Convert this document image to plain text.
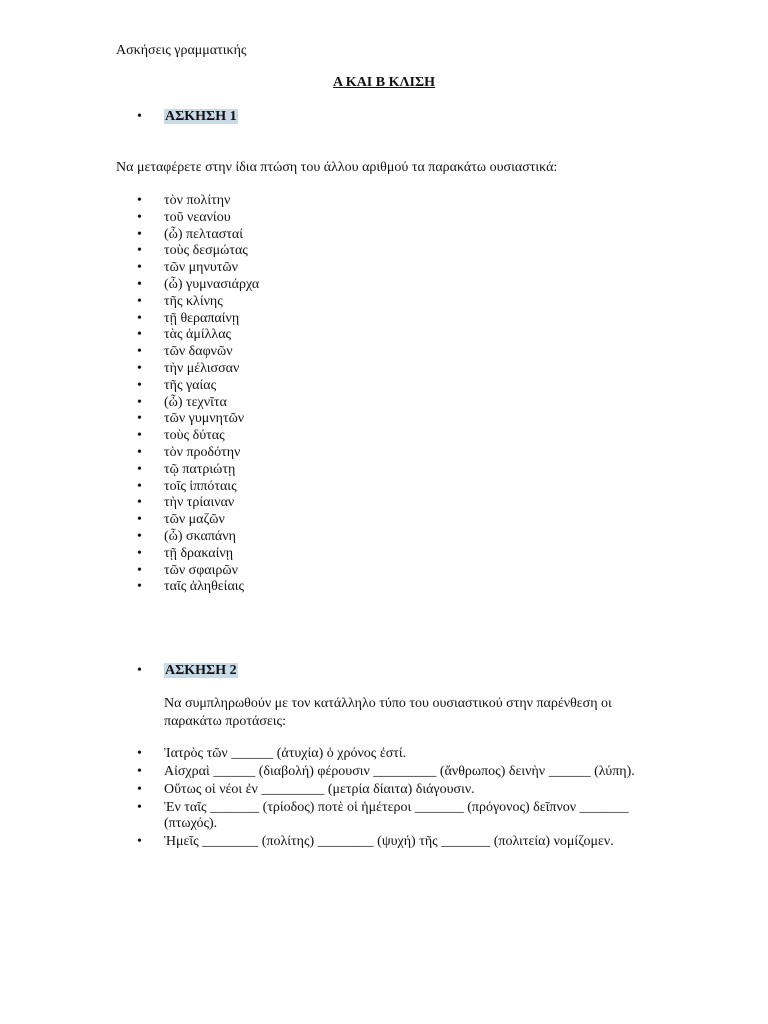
Ασκήσεις γραμματικής
Α ΚΑΙ Β ΚΛΙΣΗ
• ΑΣΚΗΣΗ 1
Να μεταφέρετε στην ίδια πτώση του άλλου αριθμού τα παρακάτω ουσιαστικά:
• τὸν πολίτην
• τοῦ νεανίου
• (ὦ) πελτασταί
• τοὺς δεσμώτας
• τῶν μηνυτῶν
• (ὦ) γυμνασιάρχα
• τῆς κλίνης
• τῇ θεραπαίνῃ
• τὰς ἁμίλλας
• τῶν δαφνῶν
• τὴν μέλισσαν
• τῆς γαίας
• (ὦ) τεχνῖτα
• τῶν γυμνητῶν
• τοὺς δύτας
• τὸν προδότην
• τῷ πατριώτῃ
• τοῖς ἱππόταις
• τὴν τρίαιναν
• τῶν μαζῶν
• (ὦ) σκαπάνη
• τῇ δρακαίνῃ
• τῶν σφαιρῶν
• ταῖς ἀληθείαις
• ΑΣΚΗΣΗ 2
Να συμπληρωθούν με τον κατάλληλο τύπο του ουσιαστικού στην παρένθεση οι παρακάτω προτάσεις:
•	Ἰατρὸς τῶν ______ (ἀτυχία) ὁ χρόνος ἐστί.
•	Αἰσχραὶ ______ (διαβολή) φέρουσιν _________ (ἄνθρωπος) δεινὴν ______ (λύπη).
•	Οὕτως οἱ νέοι ἐν _________ (μετρία δίαιτα) διάγουσιν.
•	Ἐν ταῖς _______ (τρίοδος) ποτὲ οἱ ἡμέτεροι _______ (πρόγονος) δεῖπνον _______ (πτωχός).
•	Ἡμεῖς ________ (πολίτης) ________ (ψυχή) τῆς _______ (πολιτεία) νομίζομεν.
